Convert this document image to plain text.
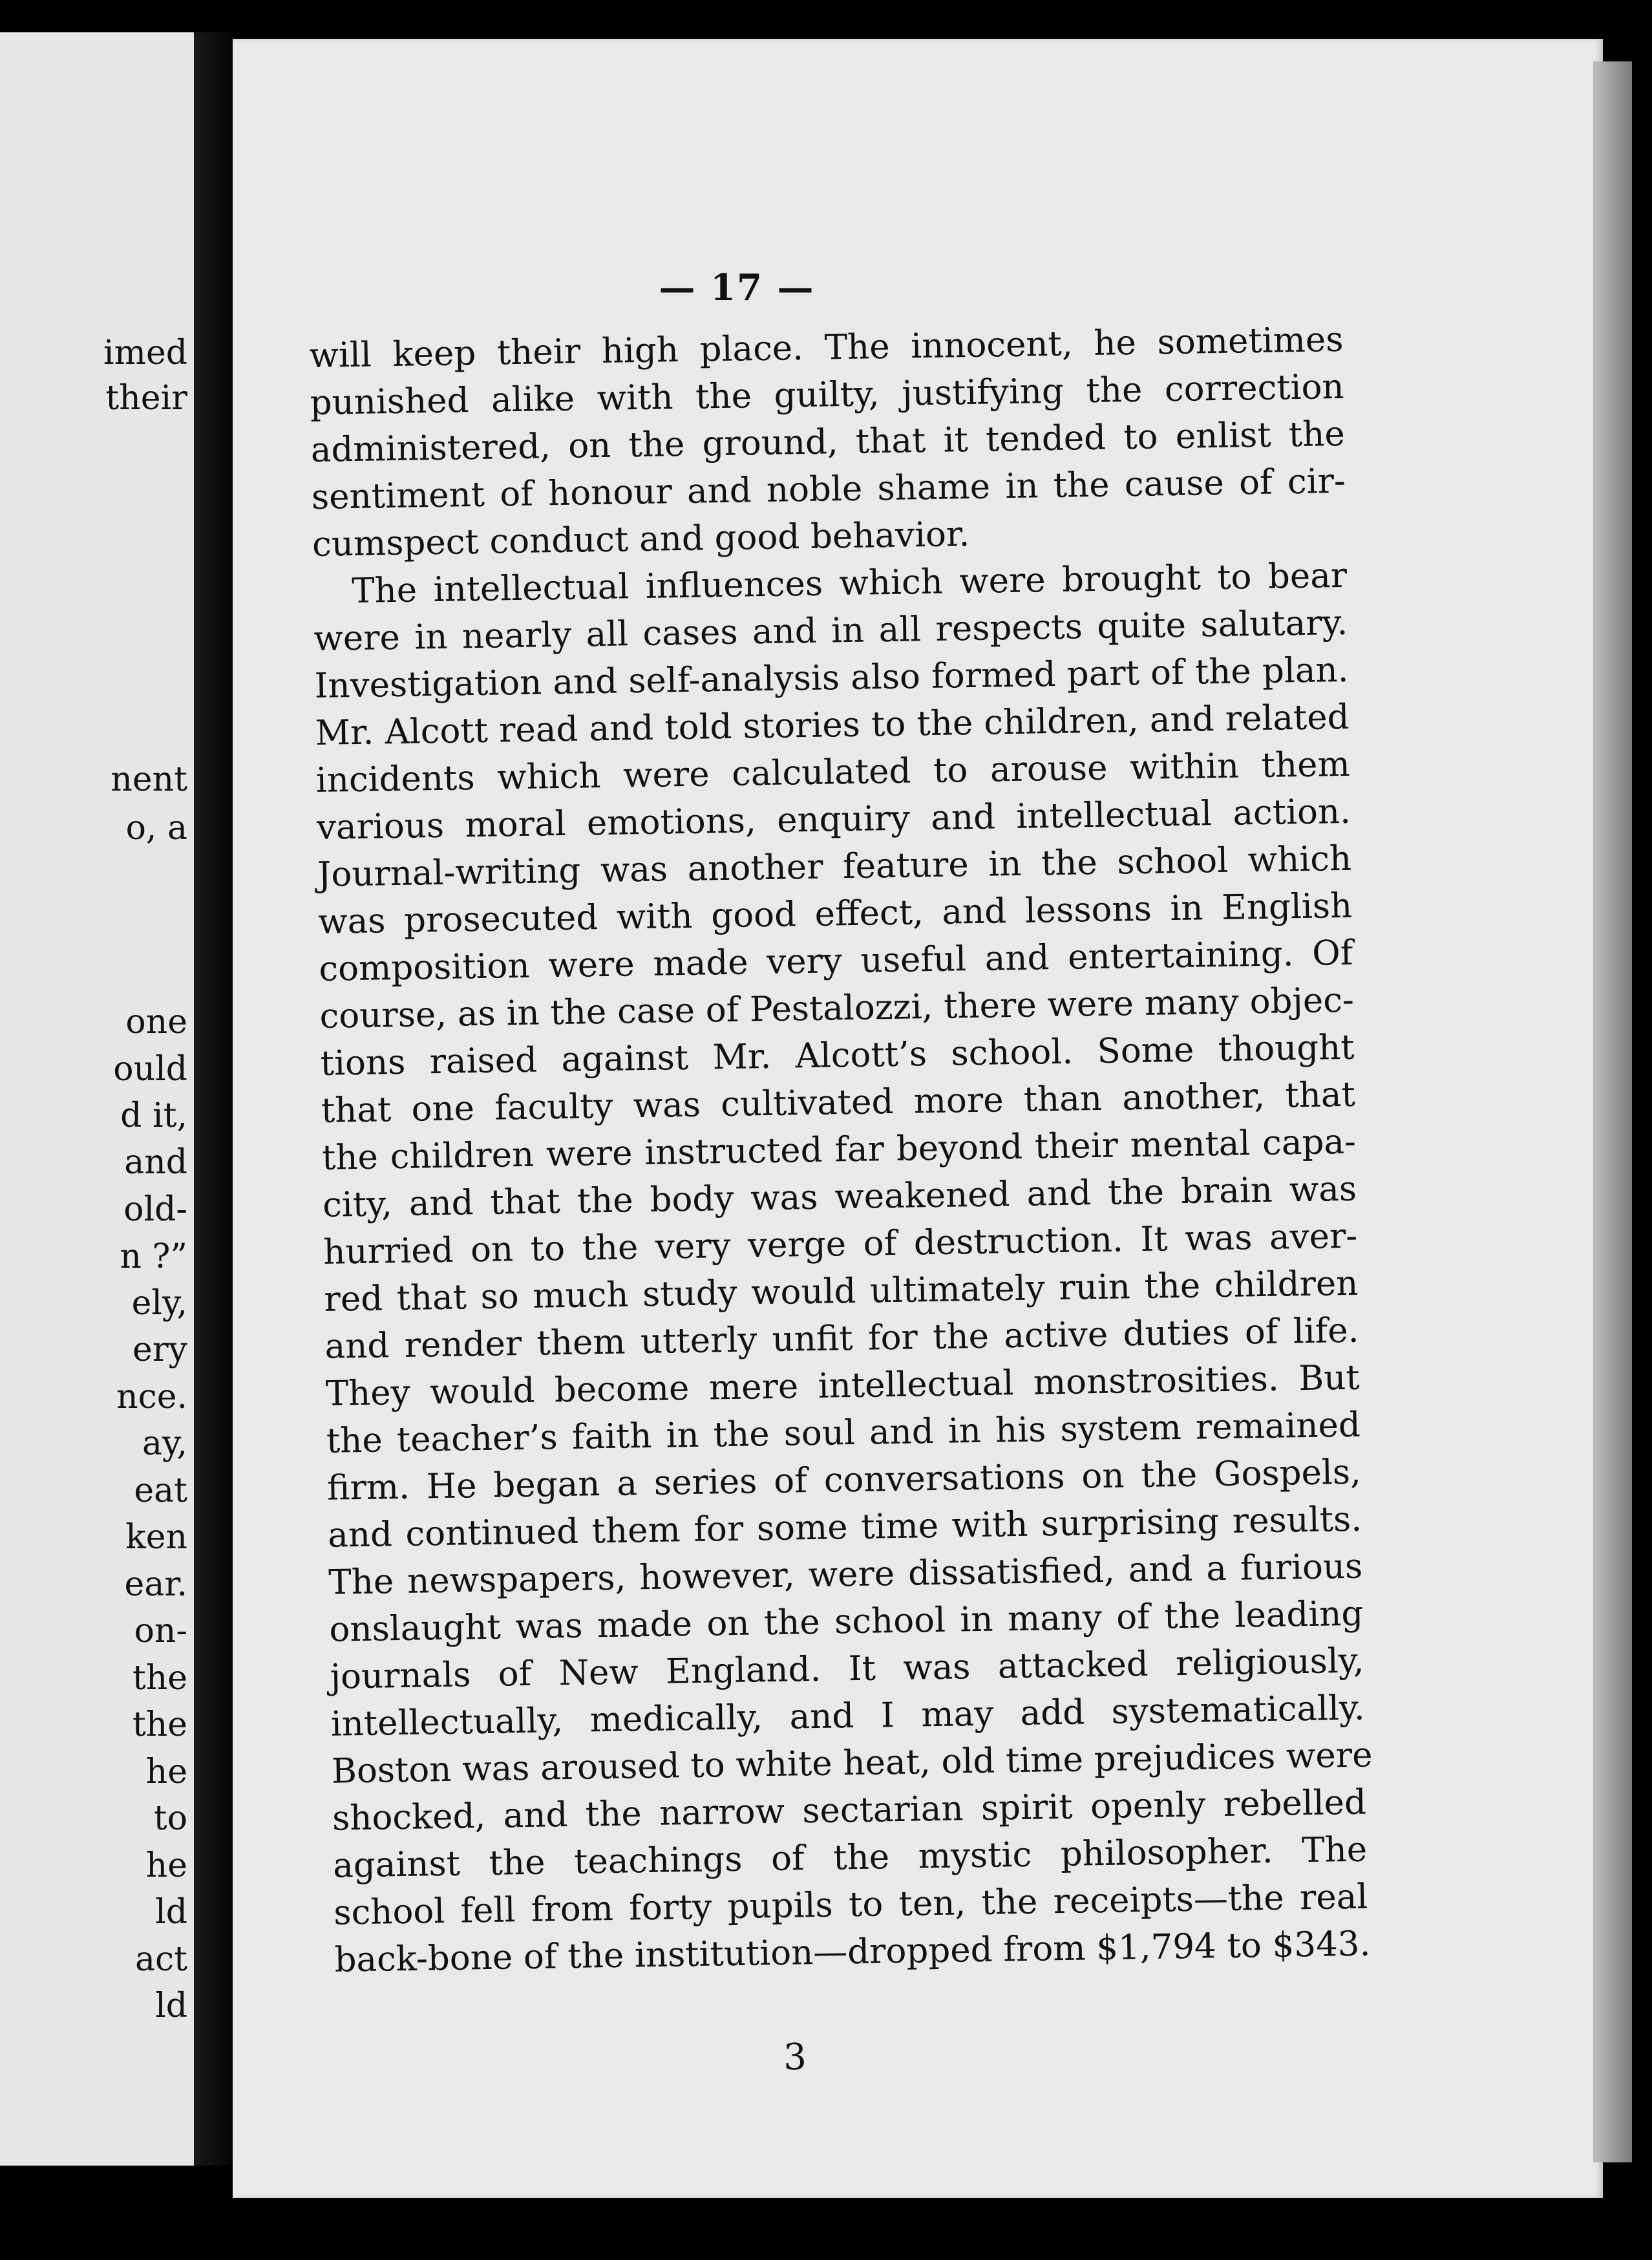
imed
their
nent
o, a
one
ould
d it,
and
old-
n ?”
ely,
ery
nce.
ay,
eat
ken
ear.
on-
the
the
he
to
he
ld
act
ld
— 17 —
will keep their high place. The innocent, he sometimes
punished alike with the guilty, justifying the correction
administered, on the ground, that it tended to enlist the
sentiment of honour and noble shame in the cause of cir-
cumspect conduct and good behavior.
The intellectual influences which were brought to bear
were in nearly all cases and in all respects quite salutary.
Investigation and self-analysis also formed part of the plan.
Mr. Alcott read and told stories to the children, and related
incidents which were calculated to arouse within them
various moral emotions, enquiry and intellectual action.
Journal-writing was another feature in the school which
was prosecuted with good effect, and lessons in English
composition were made very useful and entertaining. Of
course, as in the case of Pestalozzi, there were many objec-
tions raised against Mr. Alcott’s school. Some thought
that one faculty was cultivated more than another, that
the children were instructed far beyond their mental capa-
city, and that the body was weakened and the brain was
hurried on to the very verge of destruction. It was aver-
red that so much study would ultimately ruin the children
and render them utterly unfit for the active duties of life.
They would become mere intellectual monstrosities. But
the teacher’s faith in the soul and in his system remained
firm. He began a series of conversations on the Gospels,
and continued them for some time with surprising results.
The newspapers, however, were dissatisfied, and a furious
onslaught was made on the school in many of the leading
journals of New England. It was attacked religiously,
intellectually, medically, and I may add systematically.
Boston was aroused to white heat, old time prejudices were
shocked, and the narrow sectarian spirit openly rebelled
against the teachings of the mystic philosopher. The
school fell from forty pupils to ten, the receipts—the real
back-bone of the institution—dropped from $1,794 to $343.
3
